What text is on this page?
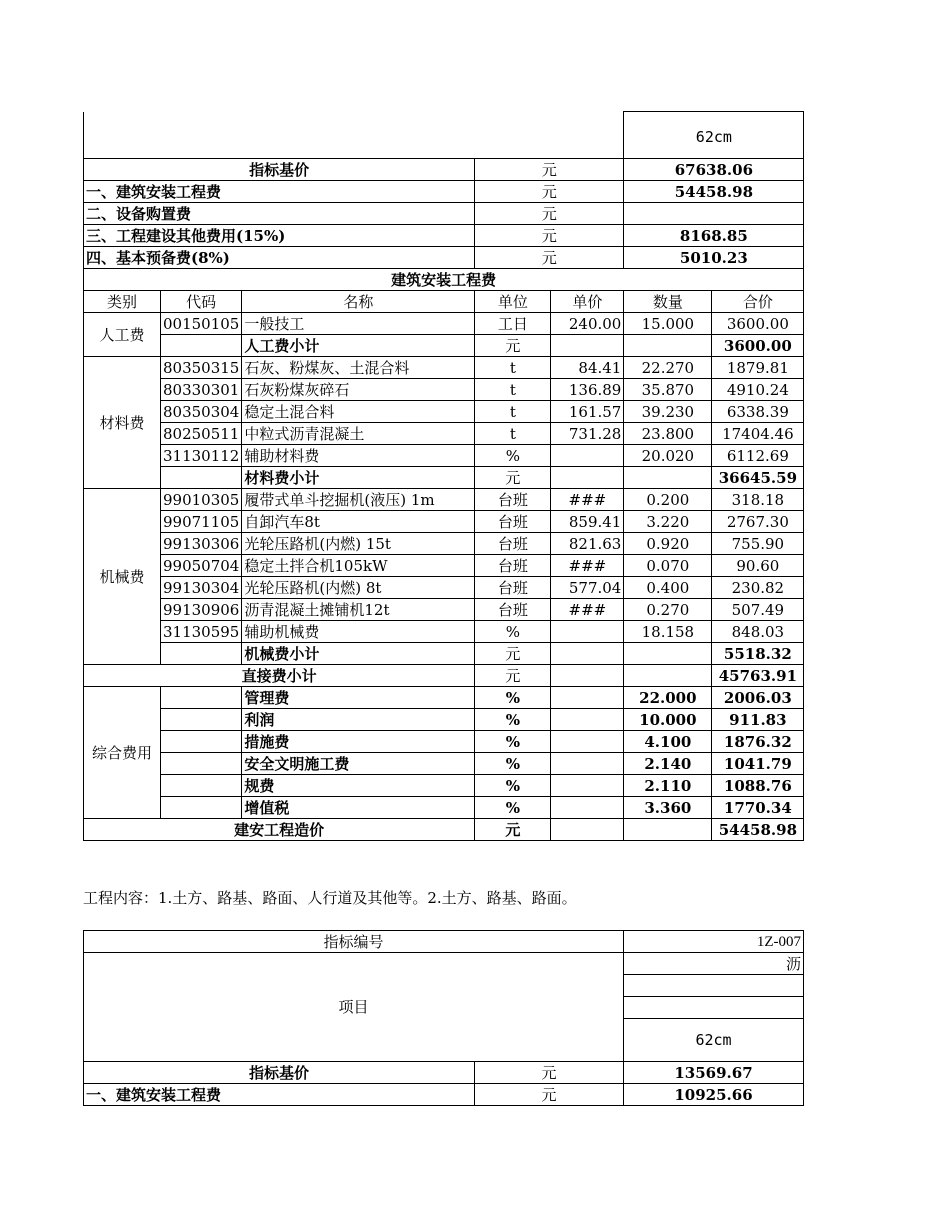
					62cm	
指标基价			元		67638.06	
一、建筑安装工程费			元		54458.98	
二、设备购置费			元			
三、工程建设其他费用(15%)			元		8168.85	
四、基本预备费(8%)			元		5010.23	
建筑安装工程费						
类别	代码	名称	单位	单价	数量	合价
人工费	00150105	一般技工	工日	240.00	15.000	3600.00
		人工费小计	元			3600.00
材料费	80350315	石灰、粉煤灰、土混合料	t	84.41	22.270	1879.81
	80330301	石灰粉煤灰碎石	t	136.89	35.870	4910.24
	80350304	稳定土混合料	t	161.57	39.230	6338.39
	80250511	中粒式沥青混凝土	t	731.28	23.800	17404.46
	31130112	辅助材料费	%		20.020	6112.69
		材料费小计	元			36645.59
机械费	99010305	履带式单斗挖掘机(液压) 1m	台班	###	0.200	318.18
	99071105	自卸汽车8t	台班	859.41	3.220	2767.30
	99130306	光轮压路机(内燃) 15t	台班	821.63	0.920	755.90
	99050704	稳定土拌合机105kW	台班	###	0.070	90.60
	99130304	光轮压路机(内燃) 8t	台班	577.04	0.400	230.82
	99130906	沥青混凝土摊铺机12t	台班	###	0.270	507.49
	31130595	辅助机械费	%		18.158	848.03
		机械费小计	元			5518.32
直接费小计			元			45763.91
综合费用		管理费	%		22.000	2006.03
		利润	%		10.000	911.83
		措施费	%		4.100	1876.32
		安全文明施工费	%		2.140	1041.79
		规费	%		2.110	1088.76
		增值税	%		3.360	1770.34
建安工程造价			元			54458.98
工程内容：1.土方、路基、路面、人行道及其他等。2.土方、路基、路面。
指标编号		1Z-007
项目		沥

		62cm
指标基价	元	13569.67
一、建筑安装工程费	元	10925.66
